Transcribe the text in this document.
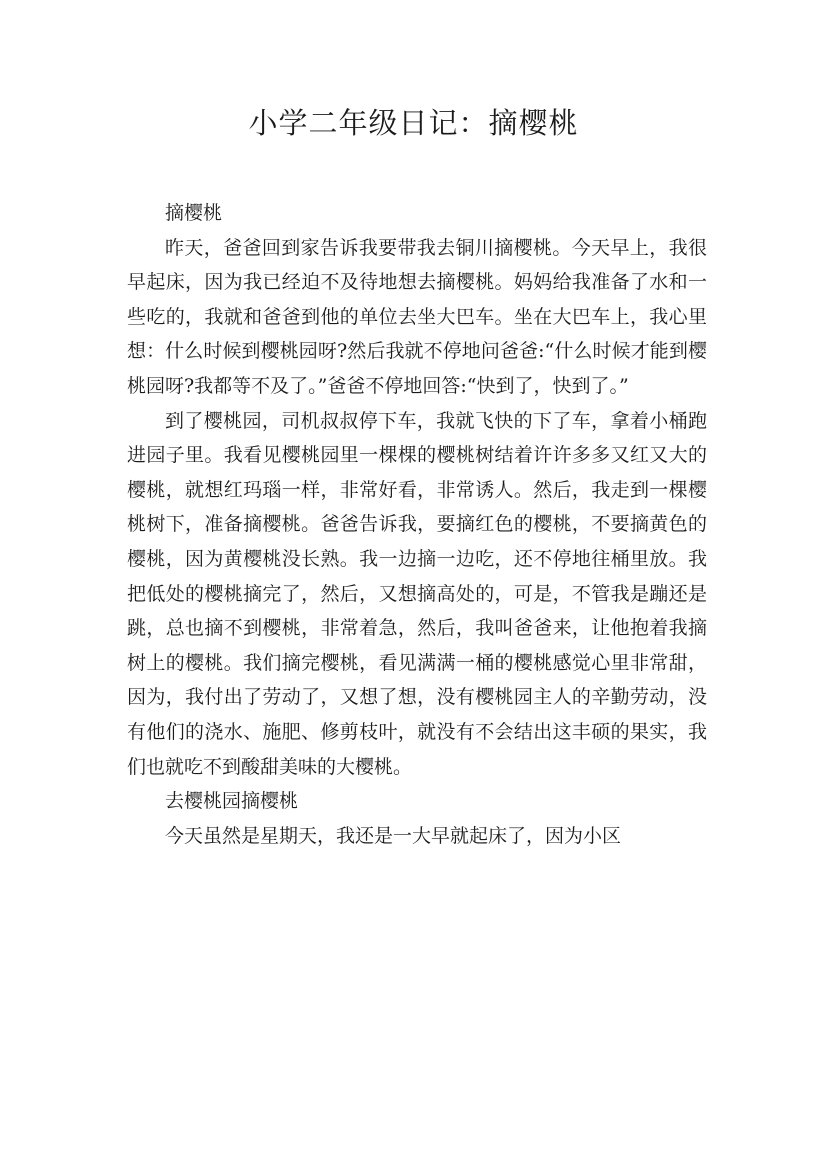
小学二年级日记：摘樱桃

摘樱桃

昨天，爸爸回到家告诉我要带我去铜川摘樱桃。今天早上，我很早起床，因为我已经迫不及待地想去摘樱桃。妈妈给我准备了水和一些吃的，我就和爸爸到他的单位去坐大巴车。坐在大巴车上，我心里想：什么时候到樱桃园呀?然后我就不停地问爸爸:“什么时候才能到樱桃园呀?我都等不及了。”爸爸不停地回答:“快到了，快到了。”

到了樱桃园，司机叔叔停下车，我就飞快的下了车，拿着小桶跑进园子里。我看见樱桃园里一棵棵的樱桃树结着许许多多又红又大的樱桃，就想红玛瑙一样，非常好看，非常诱人。然后，我走到一棵樱桃树下，准备摘樱桃。爸爸告诉我，要摘红色的樱桃，不要摘黄色的樱桃，因为黄樱桃没长熟。我一边摘一边吃，还不停地往桶里放。我把低处的樱桃摘完了，然后，又想摘高处的，可是，不管我是蹦还是跳，总也摘不到樱桃，非常着急，然后，我叫爸爸来，让他抱着我摘树上的樱桃。我们摘完樱桃，看见满满一桶的樱桃感觉心里非常甜，因为，我付出了劳动了，又想了想，没有樱桃园主人的辛勤劳动，没有他们的浇水、施肥、修剪枝叶，就没有不会结出这丰硕的果实，我们也就吃不到酸甜美味的大樱桃。

去樱桃园摘樱桃

今天虽然是星期天，我还是一大早就起床了，因为小区
